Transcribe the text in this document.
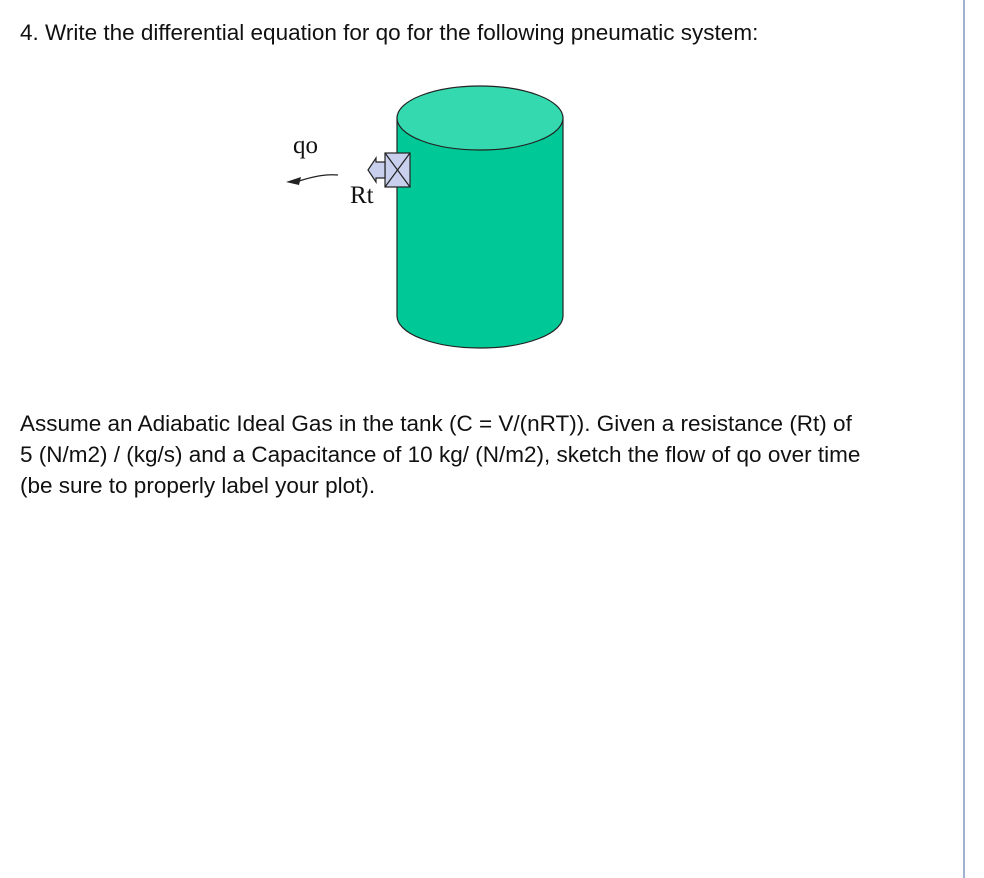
4. Write the differential equation for qo for the following pneumatic system:
qo
Rt
Assume an Adiabatic Ideal Gas in the tank (C = V/(nRT)). Given a resistance (Rt) of
5 (N/m2) / (kg/s) and a Capacitance of 10 kg/ (N/m2), sketch the flow of qo over time
(be sure to properly label your plot).
